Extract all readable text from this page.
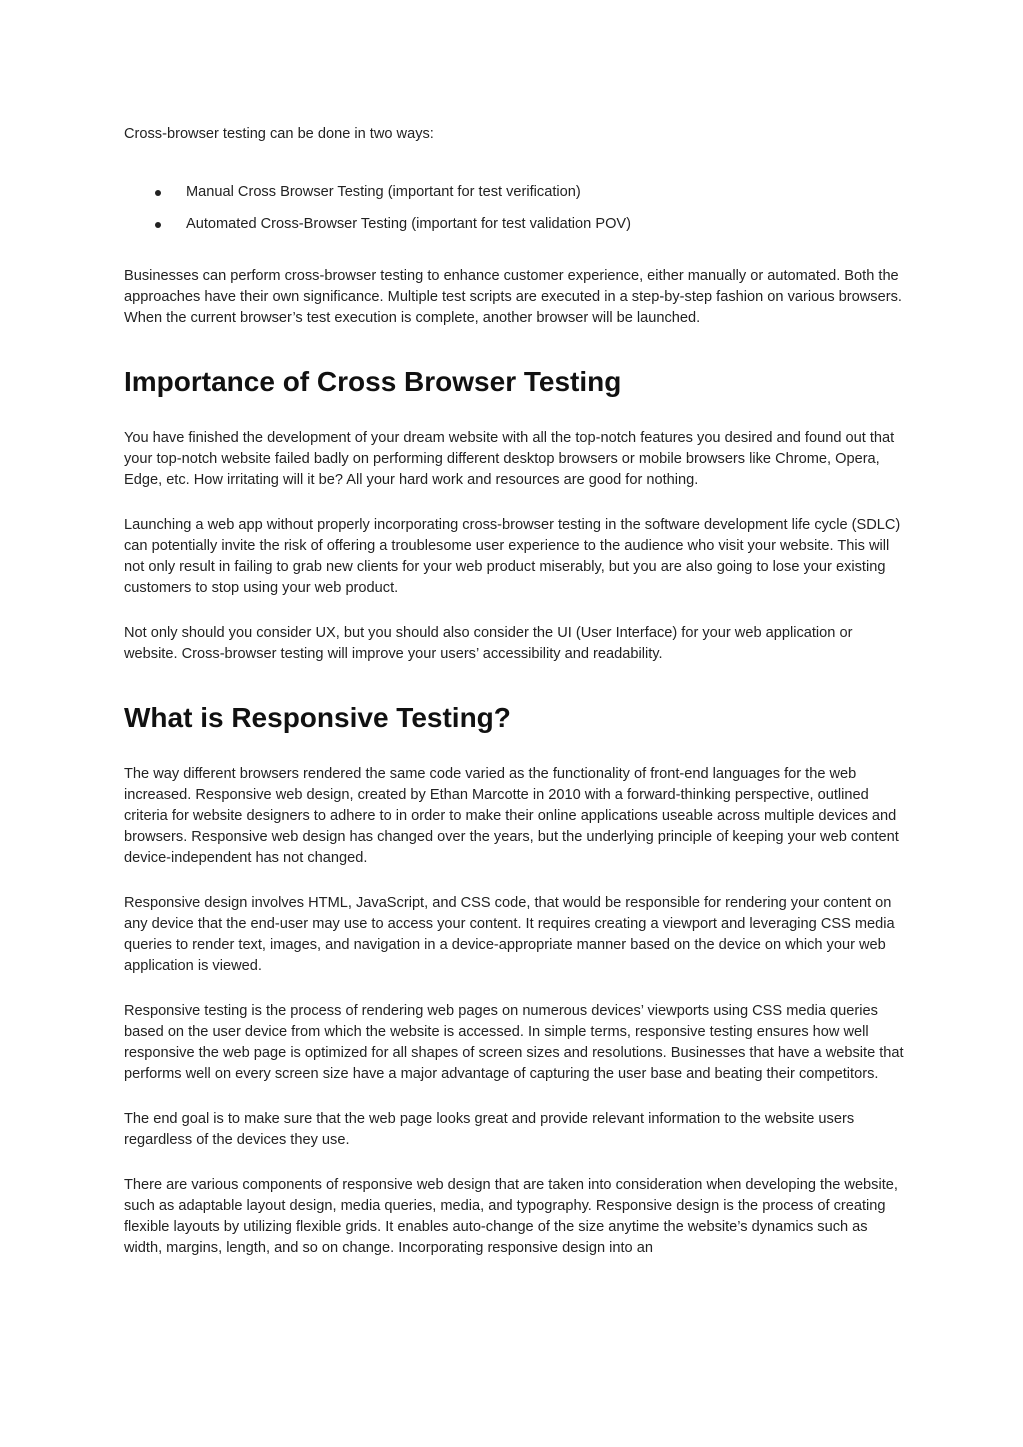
Cross-browser testing can be done in two ways:

Manual Cross Browser Testing (important for test verification)
Automated Cross-Browser Testing (important for test validation POV)

Businesses can perform cross-browser testing to enhance customer experience, either manually or automated. Both the approaches have their own significance. Multiple test scripts are executed in a step-by-step fashion on various browsers. When the current browser’s test execution is complete, another browser will be launched.

Importance of Cross Browser Testing

You have finished the development of your dream website with all the top-notch features you desired and found out that your top-notch website failed badly on performing different desktop browsers or mobile browsers like Chrome, Opera, Edge, etc. How irritating will it be? All your hard work and resources are good for nothing.

Launching a web app without properly incorporating cross-browser testing in the software development life cycle (SDLC) can potentially invite the risk of offering a troublesome user experience to the audience who visit your website. This will not only result in failing to grab new clients for your web product miserably, but you are also going to lose your existing customers to stop using your web product.

Not only should you consider UX, but you should also consider the UI (User Interface) for your web application or website. Cross-browser testing will improve your users’ accessibility and readability.

What is Responsive Testing?

The way different browsers rendered the same code varied as the functionality of front-end languages for the web increased. Responsive web design, created by Ethan Marcotte in 2010 with a forward-thinking perspective, outlined criteria for website designers to adhere to in order to make their online applications useable across multiple devices and browsers. Responsive web design has changed over the years, but the underlying principle of keeping your web content device-independent has not changed.

Responsive design involves HTML, JavaScript, and CSS code, that would be responsible for rendering your content on any device that the end-user may use to access your content. It requires creating a viewport and leveraging CSS media queries to render text, images, and navigation in a device-appropriate manner based on the device on which your web application is viewed.

Responsive testing is the process of rendering web pages on numerous devices’ viewports using CSS media queries based on the user device from which the website is accessed. In simple terms, responsive testing ensures how well responsive the web page is optimized for all shapes of screen sizes and resolutions. Businesses that have a website that performs well on every screen size have a major advantage of capturing the user base and beating their competitors.

The end goal is to make sure that the web page looks great and provide relevant information to the website users regardless of the devices they use.

There are various components of responsive web design that are taken into consideration when developing the website, such as adaptable layout design, media queries, media, and typography. Responsive design is the process of creating flexible layouts by utilizing flexible grids. It enables auto-change of the size anytime the website’s dynamics such as width, margins, length, and so on change. Incorporating responsive design into an
